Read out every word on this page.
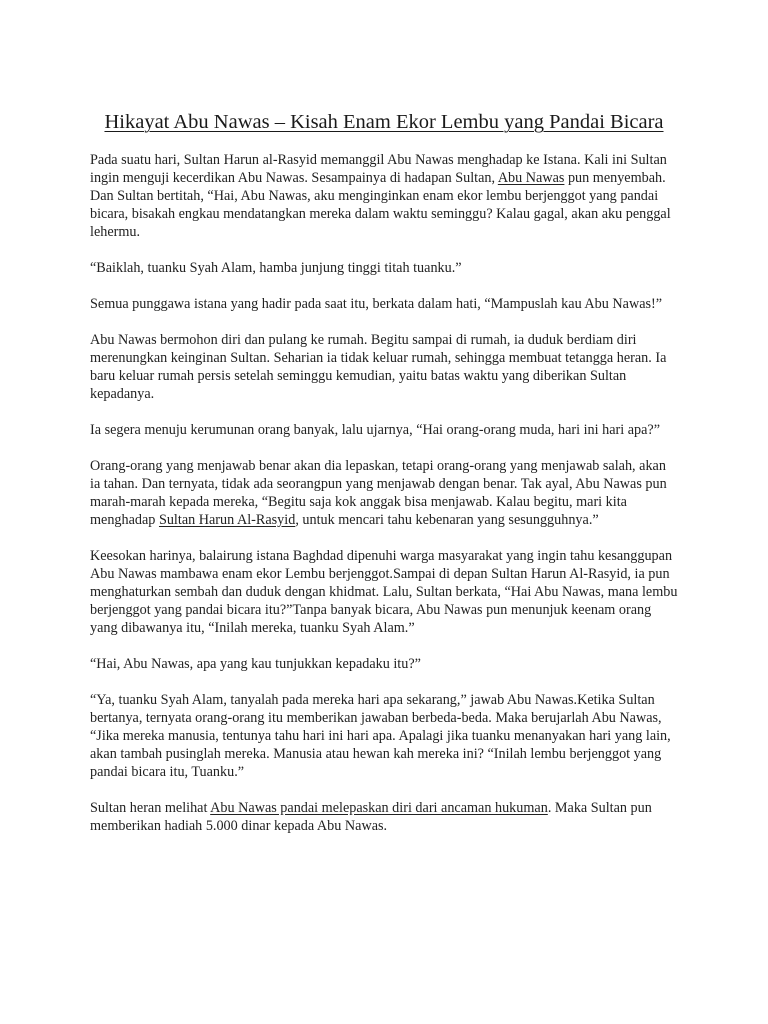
Hikayat Abu Nawas – Kisah Enam Ekor Lembu yang Pandai Bicara

Pada suatu hari, Sultan Harun al-Rasyid memanggil Abu Nawas menghadap ke Istana. Kali ini Sultan ingin menguji kecerdikan Abu Nawas. Sesampainya di hadapan Sultan, Abu Nawas pun menyembah. Dan Sultan bertitah, “Hai, Abu Nawas, aku menginginkan enam ekor lembu berjenggot yang pandai bicara, bisakah engkau mendatangkan mereka dalam waktu seminggu? Kalau gagal, akan aku penggal lehermu.

“Baiklah, tuanku Syah Alam, hamba junjung tinggi titah tuanku.”

Semua punggawa istana yang hadir pada saat itu, berkata dalam hati, “Mampuslah kau Abu Nawas!”

Abu Nawas bermohon diri dan pulang ke rumah. Begitu sampai di rumah, ia duduk berdiam diri merenungkan keinginan Sultan. Seharian ia tidak keluar rumah, sehingga membuat tetangga heran. Ia baru keluar rumah persis setelah seminggu kemudian, yaitu batas waktu yang diberikan Sultan kepadanya.

Ia segera menuju kerumunan orang banyak, lalu ujarnya, “Hai orang-orang muda, hari ini hari apa?”

Orang-orang yang menjawab benar akan dia lepaskan, tetapi orang-orang yang menjawab salah, akan ia tahan. Dan ternyata, tidak ada seorangpun yang menjawab dengan benar. Tak ayal, Abu Nawas pun marah-marah kepada mereka, “Begitu saja kok anggak bisa menjawab. Kalau begitu, mari kita menghadap Sultan Harun Al-Rasyid, untuk mencari tahu kebenaran yang sesungguhnya.”

Keesokan harinya, balairung istana Baghdad dipenuhi warga masyarakat yang ingin tahu kesanggupan Abu Nawas mambawa enam ekor Lembu berjenggot.Sampai di depan Sultan Harun Al-Rasyid, ia pun menghaturkan sembah dan duduk dengan khidmat. Lalu, Sultan berkata, “Hai Abu Nawas, mana lembu berjenggot yang pandai bicara itu?”Tanpa banyak bicara, Abu Nawas pun menunjuk keenam orang yang dibawanya itu, “Inilah mereka, tuanku Syah Alam.”

“Hai, Abu Nawas, apa yang kau tunjukkan kepadaku itu?”

“Ya, tuanku Syah Alam, tanyalah pada mereka hari apa sekarang,” jawab Abu Nawas.Ketika Sultan bertanya, ternyata orang-orang itu memberikan jawaban berbeda-beda. Maka berujarlah Abu Nawas, “Jika mereka manusia, tentunya tahu hari ini hari apa. Apalagi jika tuanku menanyakan hari yang lain, akan tambah pusinglah mereka. Manusia atau hewan kah mereka ini? “Inilah lembu berjenggot yang pandai bicara itu, Tuanku.”

Sultan heran melihat Abu Nawas pandai melepaskan diri dari ancaman hukuman. Maka Sultan pun memberikan hadiah 5.000 dinar kepada Abu Nawas.
